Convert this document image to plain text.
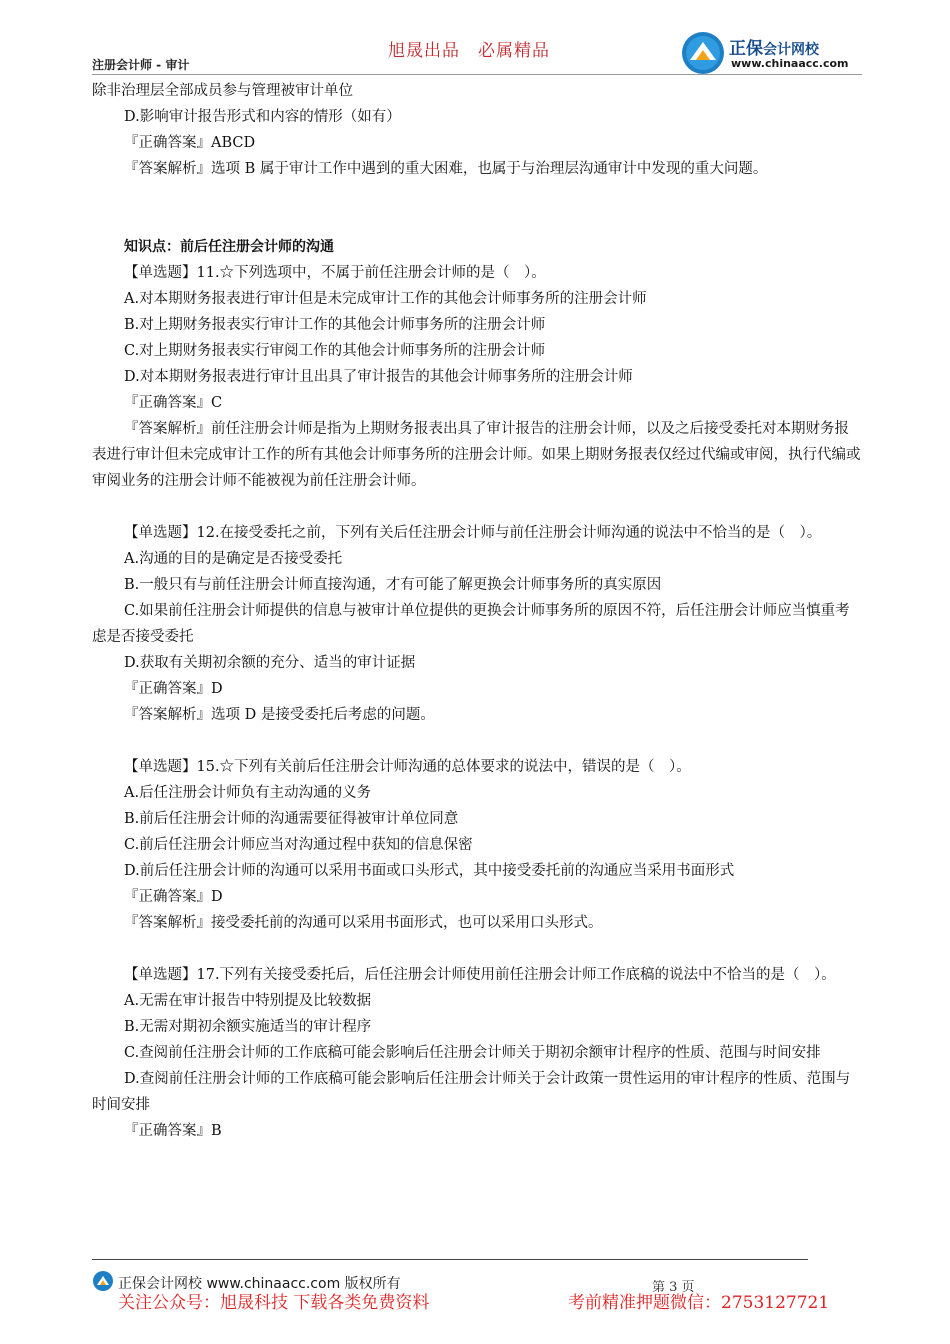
旭晟出品　必属精品
注册会计师 - 审计
正保会计网校
www.chinaacc.com

除非治理层全部成员参与管理被审计单位

D.影响审计报告形式和内容的情形（如有）

『正确答案』ABCD

『答案解析』选项 B 属于审计工作中遇到的重大困难，也属于与治理层沟通审计中发现的重大问题。

知识点：前后任注册会计师的沟通

【单选题】11.☆下列选项中，不属于前任注册会计师的是（　）。

A.对本期财务报表进行审计但是未完成审计工作的其他会计师事务所的注册会计师

B.对上期财务报表实行审计工作的其他会计师事务所的注册会计师

C.对上期财务报表实行审阅工作的其他会计师事务所的注册会计师

D.对本期财务报表进行审计且出具了审计报告的其他会计师事务所的注册会计师

『正确答案』C

『答案解析』前任注册会计师是指为上期财务报表出具了审计报告的注册会计师，以及之后接受委托对本期财务报表进行审计但未完成审计工作的所有其他会计师事务所的注册会计师。如果上期财务报表仅经过代编或审阅，执行代编或审阅业务的注册会计师不能被视为前任注册会计师。

【单选题】12.在接受委托之前，下列有关后任注册会计师与前任注册会计师沟通的说法中不恰当的是（　）。

A.沟通的目的是确定是否接受委托

B.一般只有与前任注册会计师直接沟通，才有可能了解更换会计师事务所的真实原因

C.如果前任注册会计师提供的信息与被审计单位提供的更换会计师事务所的原因不符，后任注册会计师应当慎重考虑是否接受委托

D.获取有关期初余额的充分、适当的审计证据

『正确答案』D

『答案解析』选项 D 是接受委托后考虑的问题。

【单选题】15.☆下列有关前后任注册会计师沟通的总体要求的说法中，错误的是（　）。

A.后任注册会计师负有主动沟通的义务

B.前后任注册会计师的沟通需要征得被审计单位同意

C.前后任注册会计师应当对沟通过程中获知的信息保密

D.前后任注册会计师的沟通可以采用书面或口头形式，其中接受委托前的沟通应当采用书面形式

『正确答案』D

『答案解析』接受委托前的沟通可以采用书面形式，也可以采用口头形式。

【单选题】17.下列有关接受委托后，后任注册会计师使用前任注册会计师工作底稿的说法中不恰当的是（　）。

A.无需在审计报告中特别提及比较数据

B.无需对期初余额实施适当的审计程序

C.查阅前任注册会计师的工作底稿可能会影响后任注册会计师关于期初余额审计程序的性质、范围与时间安排

D.查阅前任注册会计师的工作底稿可能会影响后任注册会计师关于会计政策一贯性运用的审计程序的性质、范围与时间安排

『正确答案』B

正保会计网校 www.chinaacc.com 版权所有	第 3 页
关注公众号：旭晟科技 下载各类免费资料	考前精准押题微信：2753127721
